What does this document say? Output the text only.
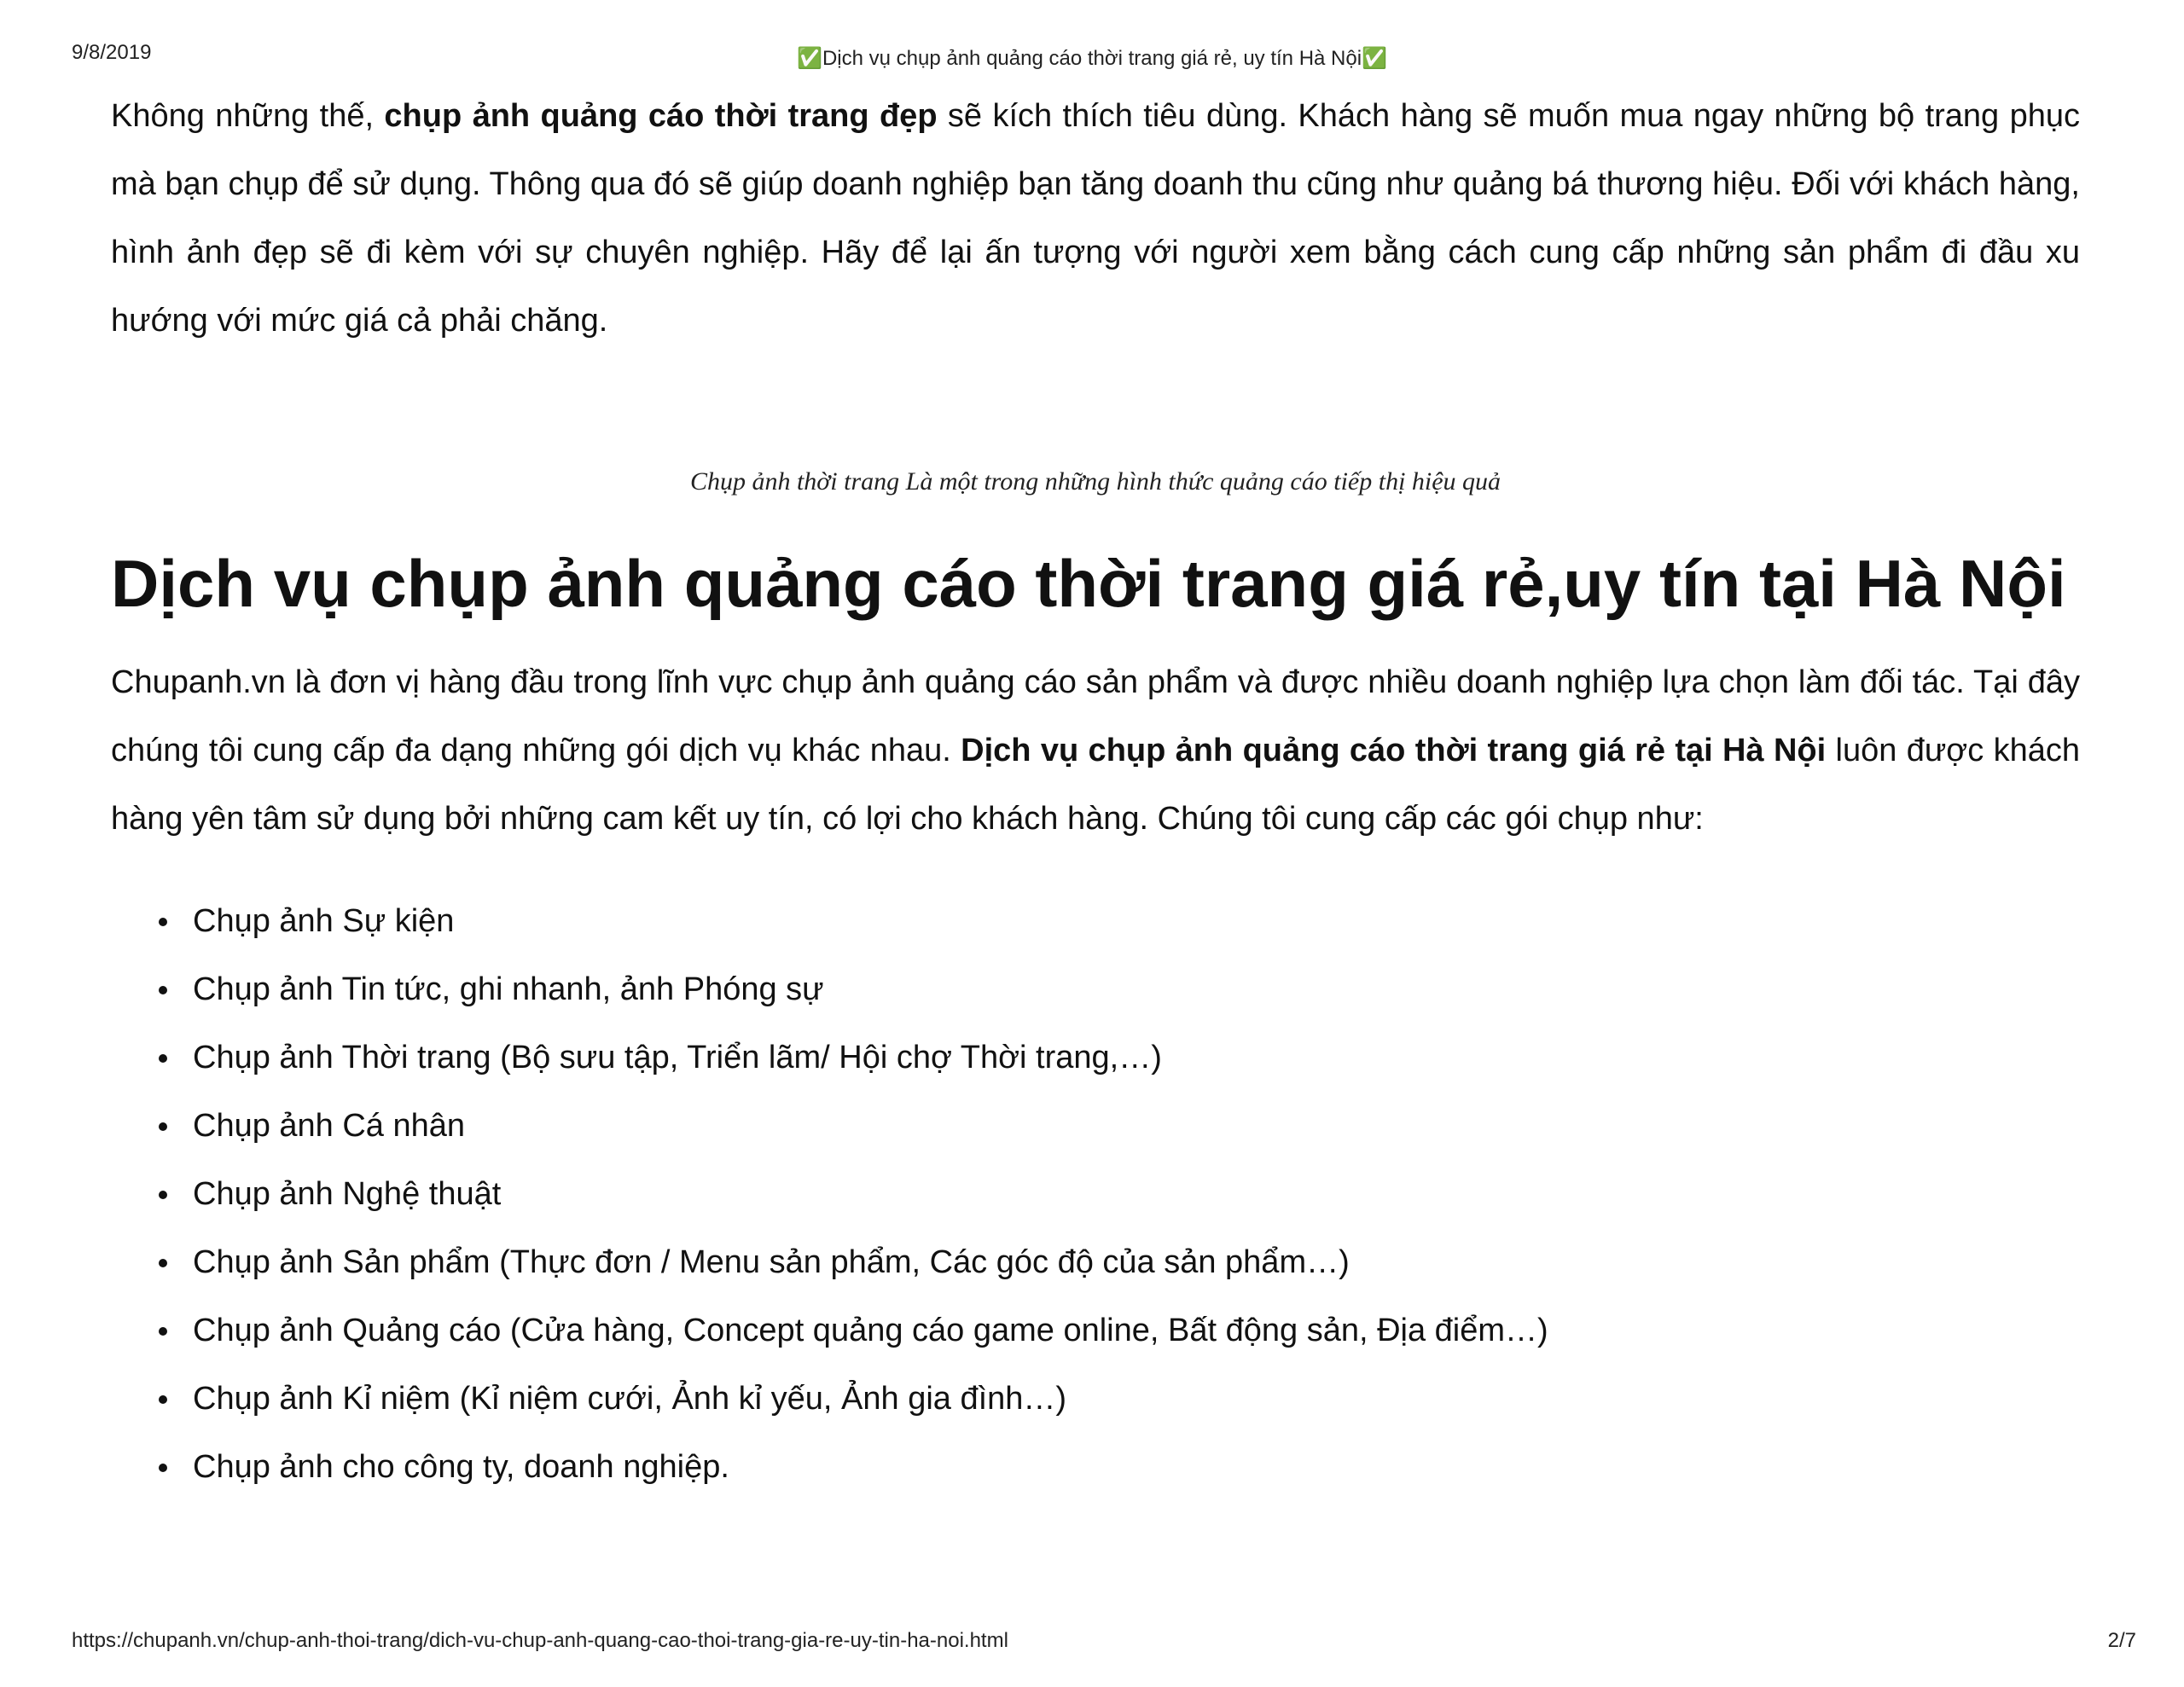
9/8/2019	✅Dịch vụ chụp ảnh quảng cáo thời trang giá rẻ, uy tín Hà Nội✅

Không những thế, chụp ảnh quảng cáo thời trang đẹp sẽ kích thích tiêu dùng. Khách hàng sẽ muốn mua ngay những bộ trang phục mà bạn chụp để sử dụng. Thông qua đó sẽ giúp doanh nghiệp bạn tăng doanh thu cũng như quảng bá thương hiệu. Đối với khách hàng, hình ảnh đẹp sẽ đi kèm với sự chuyên nghiệp. Hãy để lại ấn tượng với người xem bằng cách cung cấp những sản phẩm đi đầu xu hướng với mức giá cả phải chăng.

Chụp ảnh thời trang Là một trong những hình thức quảng cáo tiếp thị hiệu quả
Dịch vụ chụp ảnh quảng cáo thời trang giá rẻ,uy tín tại Hà Nội

Chupanh.vn là đơn vị hàng đầu trong lĩnh vực chụp ảnh quảng cáo sản phẩm và được nhiều doanh nghiệp lựa chọn làm đối tác. Tại đây chúng tôi cung cấp đa dạng những gói dịch vụ khác nhau. Dịch vụ chụp ảnh quảng cáo thời trang giá rẻ tại Hà Nội luôn được khách hàng yên tâm sử dụng bởi những cam kết uy tín, có lợi cho khách hàng. Chúng tôi cung cấp các gói chụp như:

Chụp ảnh Sự kiện
Chụp ảnh Tin tức, ghi nhanh, ảnh Phóng sự
Chụp ảnh Thời trang (Bộ sưu tập, Triển lãm/ Hội chợ Thời trang,…)
Chụp ảnh Cá nhân
Chụp ảnh Nghệ thuật
Chụp ảnh Sản phẩm (Thực đơn / Menu sản phẩm, Các góc độ của sản phẩm…)
Chụp ảnh Quảng cáo (Cửa hàng, Concept quảng cáo game online, Bất động sản, Địa điểm…)
Chụp ảnh Kỉ niệm (Kỉ niệm cưới, Ảnh kỉ yếu, Ảnh gia đình…)
Chụp ảnh cho công ty, doanh nghiệp.
https://chupanh.vn/chup-anh-thoi-trang/dich-vu-chup-anh-quang-cao-thoi-trang-gia-re-uy-tin-ha-noi.html	2/7
